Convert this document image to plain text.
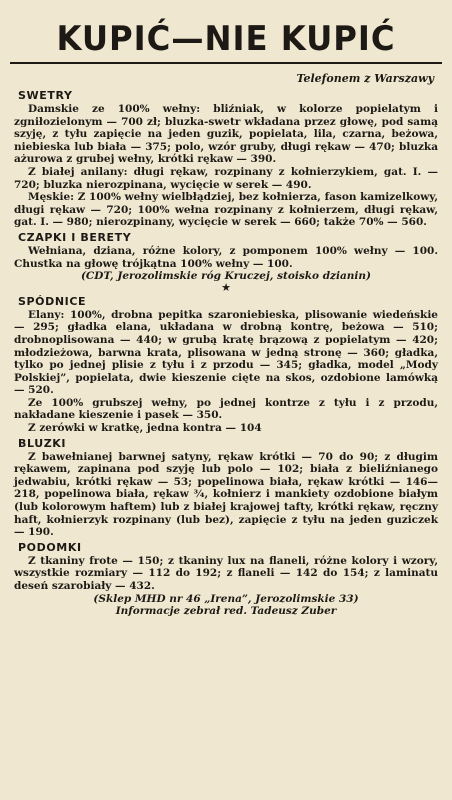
KUPIĆ—NIE KUPIĆ
Telefonem z Warszawy
SWETRY

Damskie ze 100% wełny: bliźniak, w kolorze popielatym i zgniłozielonym — 700 zł; bluzka-swetr wkładana przez głowę, pod samą szyję, z tyłu zapięcie na jeden guzik, popielata, lila, czarna, beżowa, niebieska lub biała — 375; polo, wzór gruby, długi rękaw — 470; bluzka ażurowa z grubej wełny, krótki rękaw — 390.

Z białej anilany: długi rękaw, rozpinany z kołnierzykiem, gat. I. — 720; bluzka nierozpinana, wycięcie w serek — 490.

Męskie: Z 100% wełny wielbłądziej, bez kołnierza, fason kamizelkowy, długi rękaw — 720; 100% wełna rozpinany z kołnierzem, długi rękaw, gat. I. — 980; nierozpinany, wycięcie w serek — 660; także 70% — 560.

CZAPKI I BERETY

Wełniana, dziana, różne kolory, z pomponem 100% wełny — 100. Chustka na głowę trójkątna 100% wełny — 100.

(CDT, Jerozolimskie róg Kruczej, stoisko dzianin)

★

SPÓDNICE

Elany: 100%, drobna pepitka szaroniebieska, plisowanie wiedeńskie — 295; gładka elana, układana w drobną kontrę, beżowa — 510; drobnoplisowana — 440; w grubą kratę brązową z popielatym — 420; młodzieżowa, barwna krata, plisowana w jedną stronę — 360; gładka, tylko po jednej plisie z tyłu i z przodu — 345; gładka, model „Mody Polskiej”, popielata, dwie kieszenie cięte na skos, ozdobione lamówką — 520.

Ze 100% grubszej wełny, po jednej kontrze z tyłu i z przodu, nakładane kieszenie i pasek — 350.

Z zerówki w kratkę, jedna kontra — 104

BLUZKI

Z bawełnianej barwnej satyny, rękaw krótki — 70 do 90; z długim rękawem, zapinana pod szyję lub polo — 102; biała z bieliźnianego jedwabiu, krótki rękaw — 53; popelinowa biała, rękaw krótki — 146—218, popelinowa biała, rękaw ¾, kołnierz i mankiety ozdobione białym (lub kolorowym haftem) lub z białej krajowej tafty, krótki rękaw, ręczny haft, kołnierzyk rozpinany (lub bez), zapięcie z tyłu na jeden guziczek — 190.

PODOMKI

Z tkaniny frote — 150; z tkaniny lux na flaneli, różne kolory i wzory, wszystkie rozmiary — 112 do 192; z flaneli — 142 do 154; z laminatu deseń szarobiały — 432.

(Sklep MHD nr 46 „Irena”, Jerozolimskie 33)

Informacje zebrał red. Tadeusz Zuber
